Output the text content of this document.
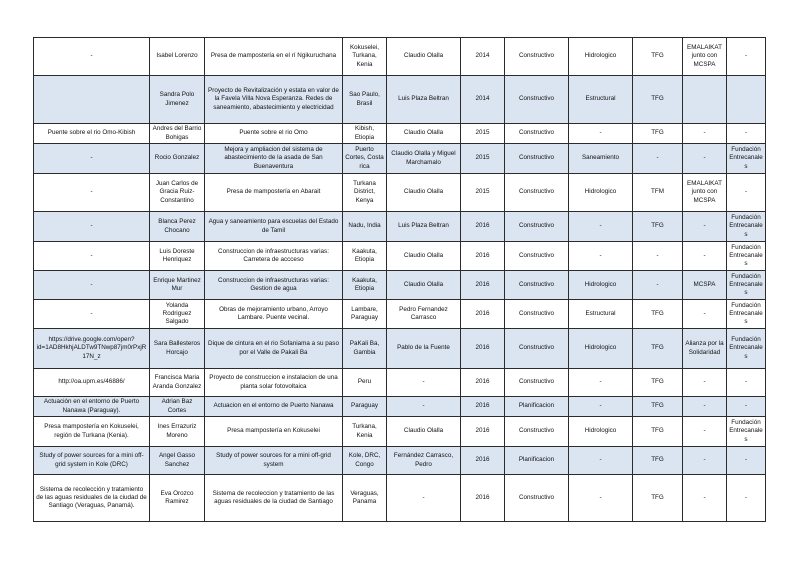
-	Isabel Lorenzo	Presa de mampostería en el rí Ngikuruchana	Kokuselei, Turkana, Kenia	Claudio Olalla	2014	Constructivo	Hidrologico	TFG	EMALAIKAT junto con MCSPA	-
	Sandra Polo Jimenez	Proyecto de Revitalización y estata en valor de la Favela Villa Nova Esperanza. Redes de saneamiento, abastecimiento y electricidad	Sao Paulo, Brasil	Luis Plaza Beltran	2014	Constructivo	Estructural	TFG		
Puente sobre el rio Omo-Kibish	Andres del Barrio Bohigas	Puente sobre el rio Omo	Kibish, Etiopia	Claudio Olalla	2015	Constructivo	-	TFG	-	-
-	Rocio Gonzalez	Mejora y ampliacion del sistema de abastecimiento de la asada de San Buenaventura	Puerto Cortes, Costa rica	Claudio Olalla y Miguel Marchamalo	2015	Constructivo	Saneamiento	-	-	Fundación Entrecanales
-	Juan Carlos de Gracia Ruiz-Constantino	Presa de mampostería en Abarait	Turkana District, Kenya	Claudio Olalla	2015	Constructivo	Hidrologico	TFM	EMALAIKAT junto con MCSPA	-
-	Blanca Perez Chocano	Agua y saneamiento para escuelas del Estado de Tamil	Nadu, India	Luis Plaza Beltran	2016	Constructivo	-	TFG	-	Fundación Entrecanales
-	Luis Doreste Henriquez	Construccion de infraestructuras varias: Carretera de accceso	Kaakuta, Etiopia	Claudio Olalla	2016	Constructivo	-	-	-	Fundación Entrecanales
-	Enrique Martinez Mur	Construccion de infraestructuras varias: Gestion de agua	Kaakuta, Etiopia	Claudio Olalla	2016	Constructivo	Hidrologico	-	MCSPA	Fundación Entrecanales
-	Yolanda Rodriguez Salgado	Obras de mejoramiento urbano, Arroyo Lambare. Puente vecinal.	Lambare, Paraguay	Pedro Fernandez Carrasco	2016	Constructivo	Estructural	TFG	-	Fundación Entrecanales
https://drive.google.com/open?id=1AD8HkhjALDTw9TNwp87jm0rPxjR17N_z	Sara Ballesteros Horcajo	Dique de cintura en el rio Sofaniama a su paso por el Valle de Pakali Ba	PaKali Ba, Gambia	Pablo de la Fuente	2016	Constructivo	Hidrologico	TFG	Alianza por la Solidaridad	Fundación Entrecanales
http://oa.upm.es/46886/	Francisca Maria Aranda Gonzalez	Proyecto de construccion e instalacion de una planta solar fotovoltaica	Peru	-	2016	Constructivo	-	TFG	-	-
Actuación en el entorno de Puerto Nanawa (Paraguay).	Adrian Baz Cortes	Actuacion en el entorno de Puerto Nanawa	Paraguay	-	2016	Planificacion	-	TFG	-	-
Presa mampostería en Kokuselei, región de Turkana (Kenia).	Ines Errazuriz Moreno	Presa mampostería en Kokuselei	Turkana, Kenia	Claudio Olalla	2016	Constructivo	Hidrologico	TFG	-	Fundación Entrecanales
Study of power sources for a mini off-grid system in Kole (DRC)	Angel Gasso Sanchez	Study of power sources for a mini off-grid system	Kole, DRC, Congo	Fernández Carrasco, Pedro	2016	Planificacion	-	TFG	-	-
Sistema de recolección y tratamiento de las aguas residuales de la ciudad de Santiago (Veraguas, Panamá).	Eva Orozco Ramirez	Sistema de recoleccion y tratamiento de las aguas residuales de la ciudad de Santiago	Veraguas, Panama	-	2016	Constructivo	-	TFG	-	-
